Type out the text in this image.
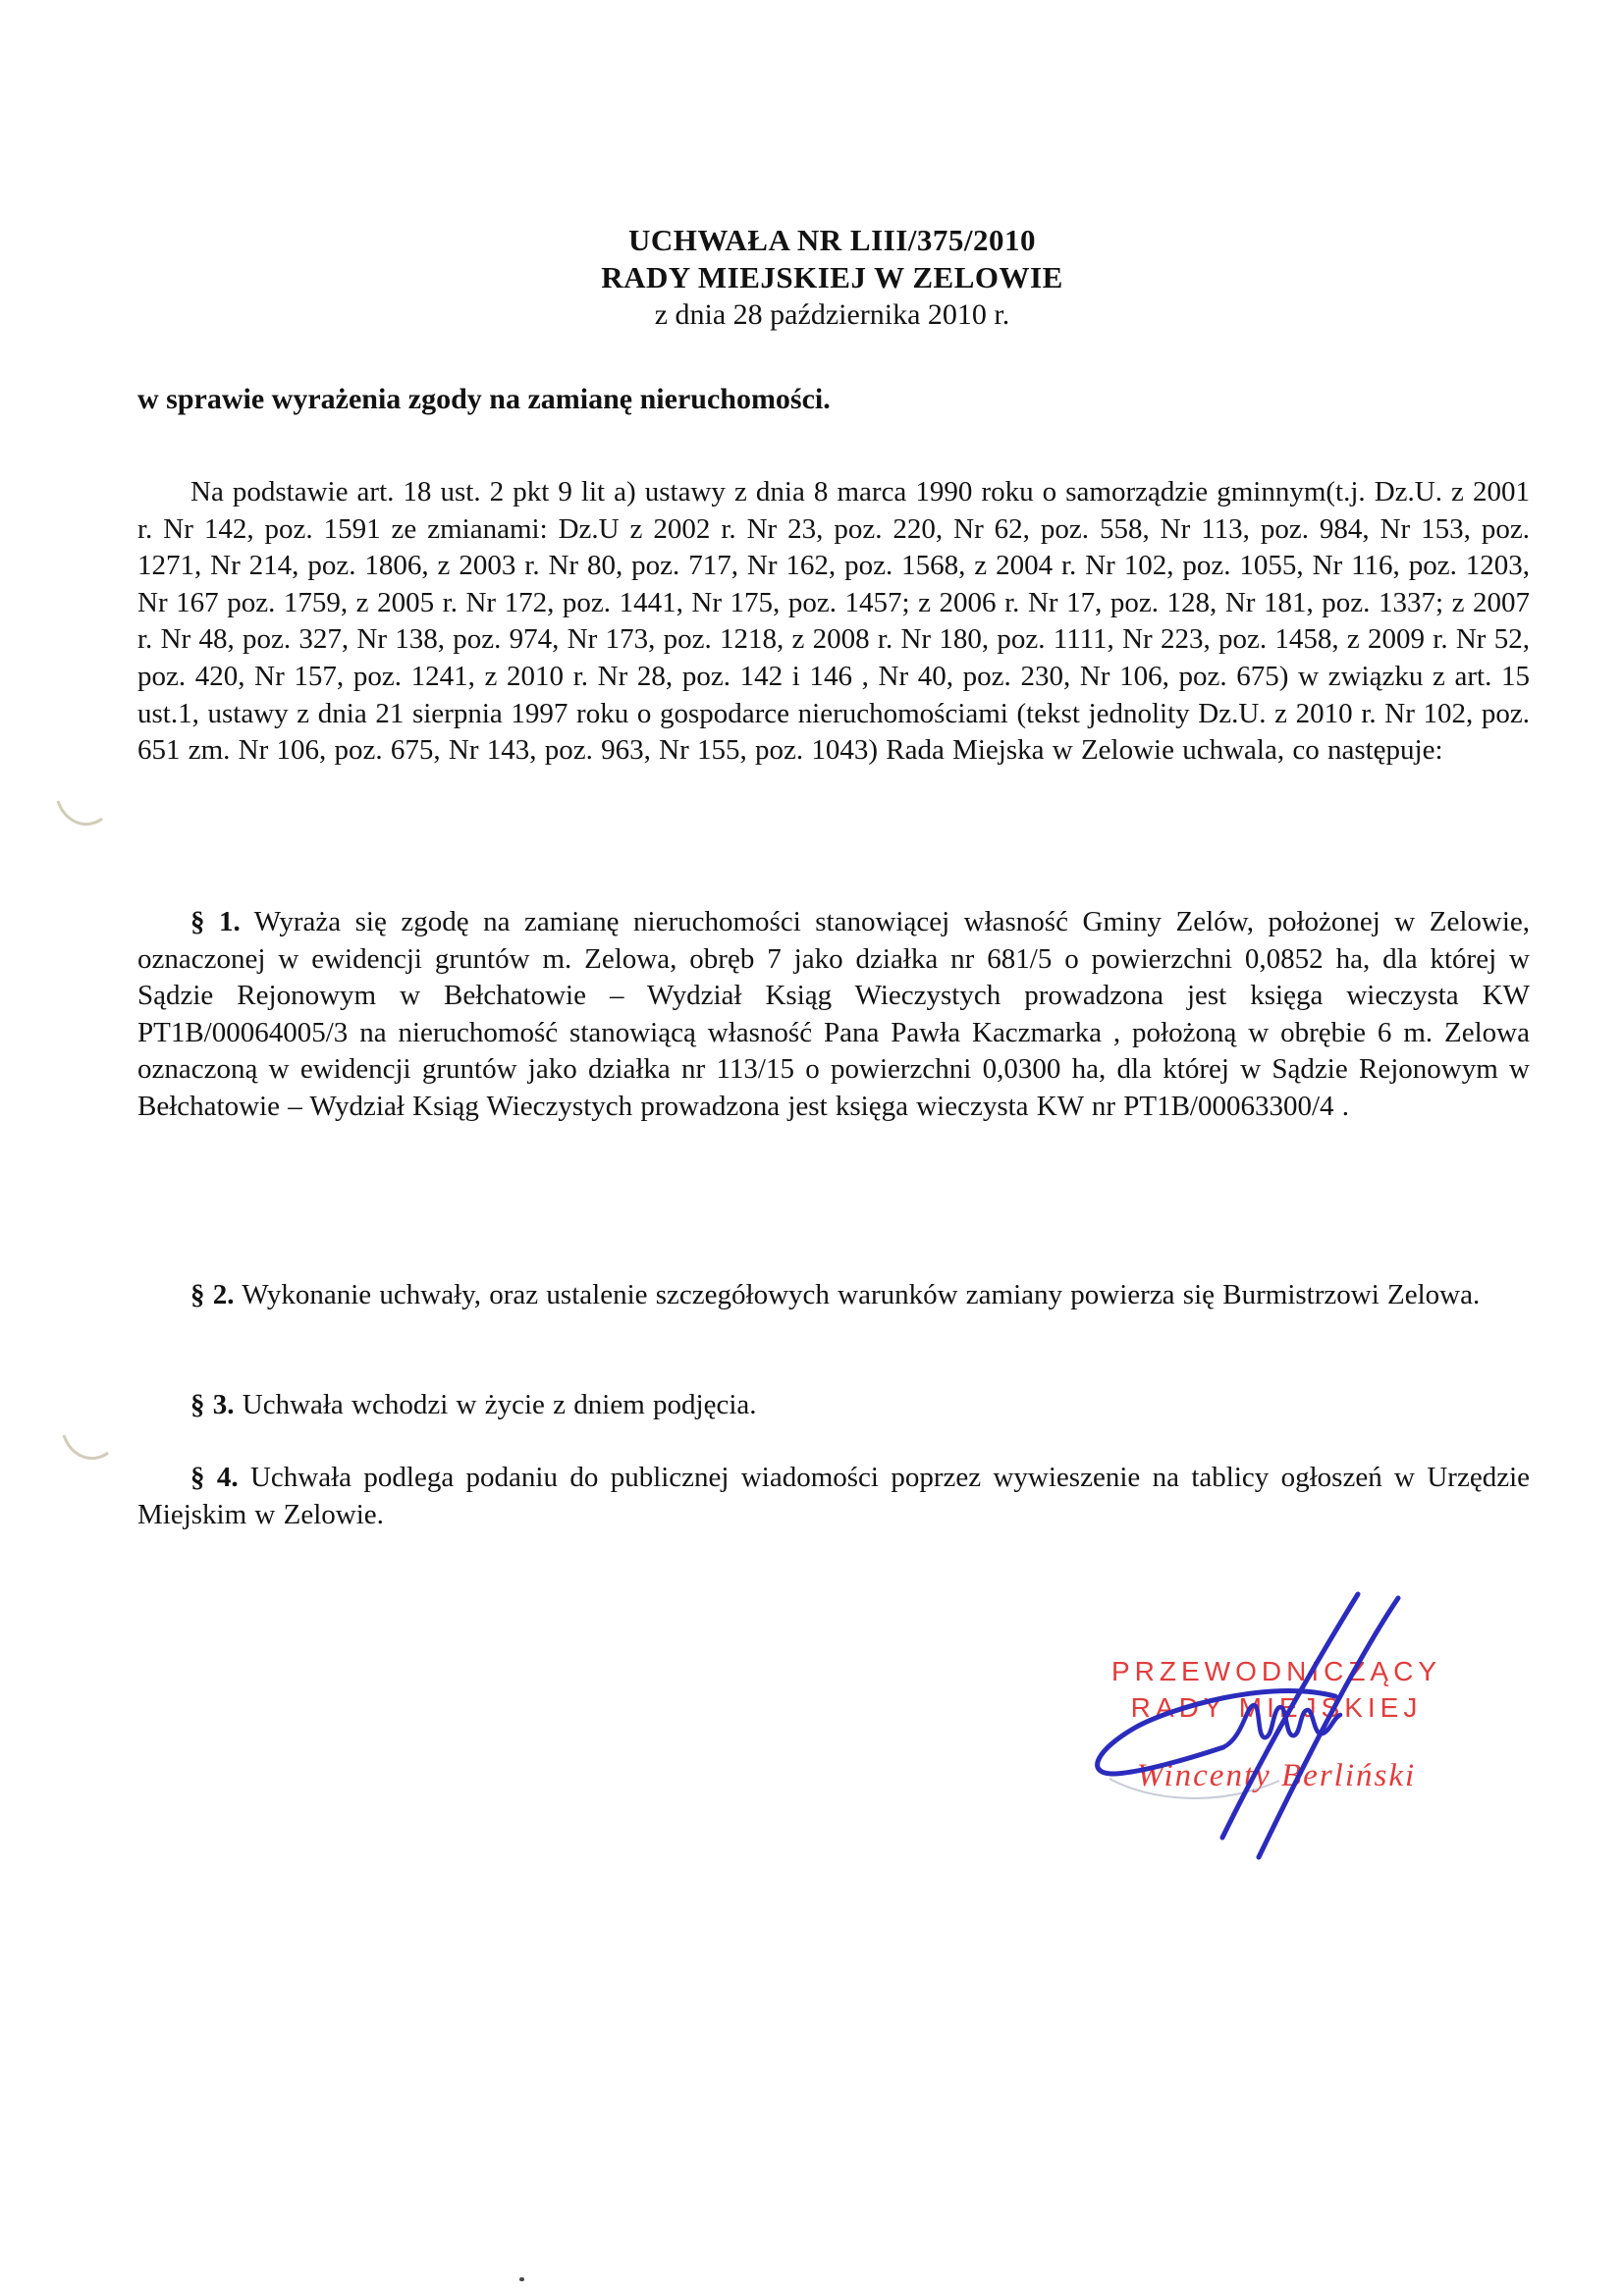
UCHWAŁA NR LIII/375/2010
RADY MIEJSKIEJ W ZELOWIE
z dnia 28 października 2010 r.
w sprawie wyrażenia zgody na zamianę nieruchomości.

Na podstawie art. 18 ust. 2 pkt 9 lit a) ustawy z dnia 8 marca 1990 roku o samorządzie gminnym(t.j. Dz.U. z 2001 r. Nr 142, poz. 1591 ze zmianami: Dz.U z 2002 r. Nr 23, poz. 220, Nr 62, poz. 558, Nr 113, poz. 984, Nr 153, poz. 1271, Nr 214, poz. 1806, z 2003 r. Nr 80, poz. 717, Nr 162, poz. 1568, z 2004 r. Nr 102, poz. 1055, Nr 116, poz. 1203, Nr 167 poz. 1759, z 2005 r. Nr 172, poz. 1441, Nr 175, poz. 1457; z 2006 r. Nr 17, poz. 128, Nr 181, poz. 1337; z 2007 r. Nr 48, poz. 327, Nr 138, poz. 974, Nr 173, poz. 1218, z 2008 r. Nr 180, poz. 1111, Nr 223, poz. 1458, z 2009 r. Nr 52, poz. 420, Nr 157, poz. 1241, z 2010 r. Nr 28, poz. 142 i 146 , Nr 40, poz. 230, Nr 106, poz. 675) w związku z art. 15 ust.1, ustawy z dnia 21 sierpnia 1997 roku o gospodarce nieruchomościami (tekst jednolity Dz.U. z 2010 r. Nr 102, poz. 651 zm. Nr 106, poz. 675, Nr 143, poz. 963, Nr 155, poz. 1043) Rada Miejska w Zelowie uchwala, co następuje:

§ 1. Wyraża się zgodę na zamianę nieruchomości stanowiącej własność Gminy Zelów, położonej w Zelowie, oznaczonej w ewidencji gruntów m. Zelowa, obręb 7 jako działka nr 681/5 o powierzchni 0,0852 ha, dla której w Sądzie Rejonowym w Bełchatowie – Wydział Ksiąg Wieczystych prowadzona jest księga wieczysta KW PT1B/00064005/3 na nieruchomość stanowiącą własność Pana Pawła Kaczmarka , położoną w obrębie 6 m. Zelowa oznaczoną w ewidencji gruntów jako działka nr 113/15 o powierzchni 0,0300 ha, dla której w Sądzie Rejonowym w Bełchatowie – Wydział Ksiąg Wieczystych prowadzona jest księga wieczysta KW nr PT1B/00063300/4 .

§ 2. Wykonanie uchwały, oraz ustalenie szczegółowych warunków zamiany powierza się Burmistrzowi Zelowa.

§ 3. Uchwała wchodzi w życie z dniem podjęcia.

§ 4. Uchwała podlega podaniu do publicznej wiadomości poprzez wywieszenie na tablicy ogłoszeń w Urzędzie Miejskim w Zelowie.

PRZEWODNICZĄCY
RADY MIEJSKIEJ
Wincenty Berliński
